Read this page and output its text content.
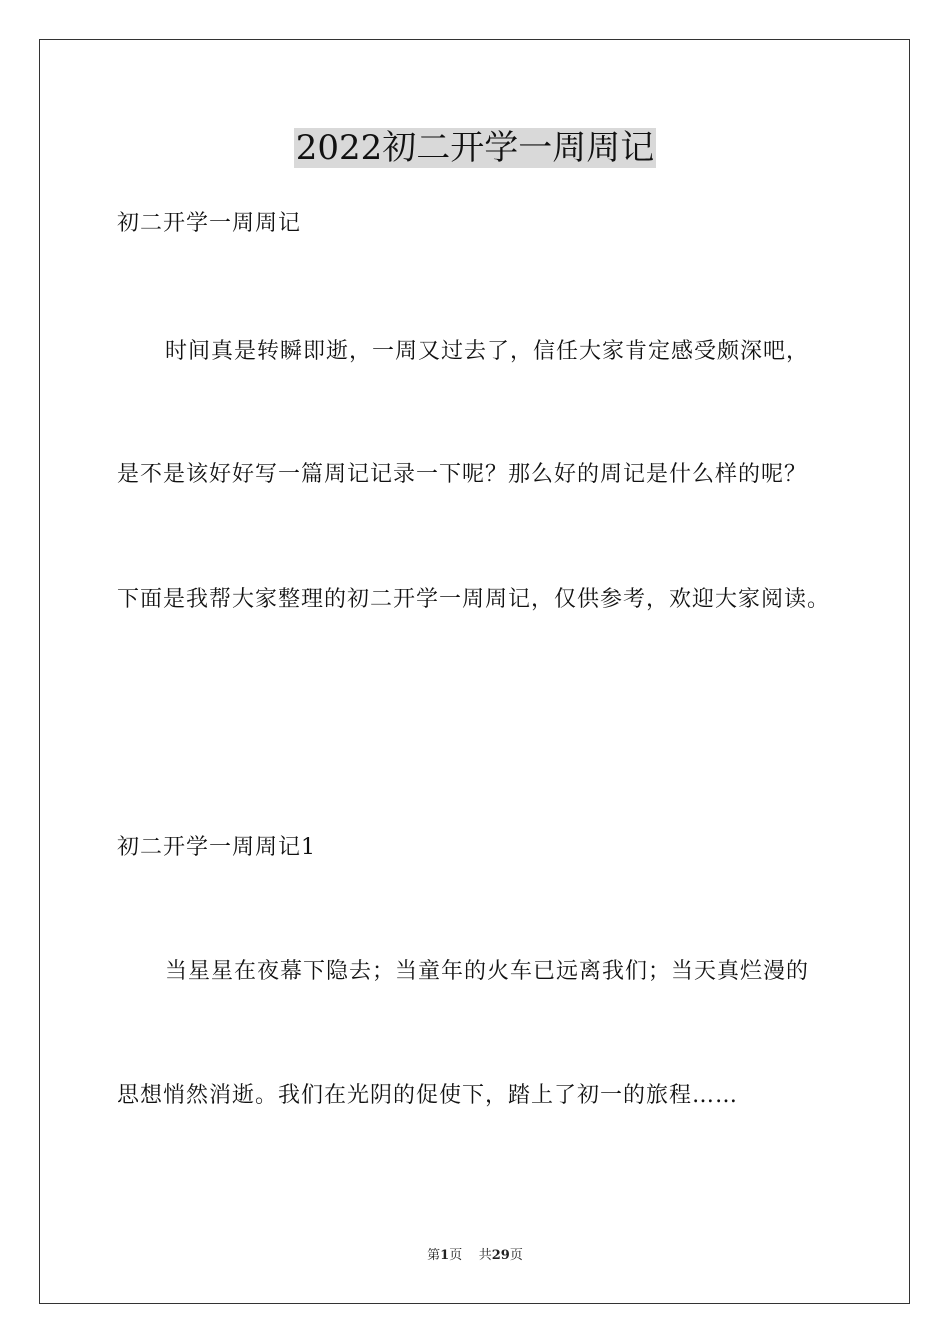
2022初二开学一周周记
初二开学一周周记
时间真是转瞬即逝，一周又过去了，信任大家肯定感受颇深吧，
是不是该好好写一篇周记记录一下呢？那么好的周记是什么样的呢？
下面是我帮大家整理的初二开学一周周记，仅供参考，欢迎大家阅读。
初二开学一周周记1
当星星在夜幕下隐去；当童年的火车已远离我们；当天真烂漫的
思想悄然消逝。我们在光阴的促使下，踏上了初一的旅程……
第1页 共29页
